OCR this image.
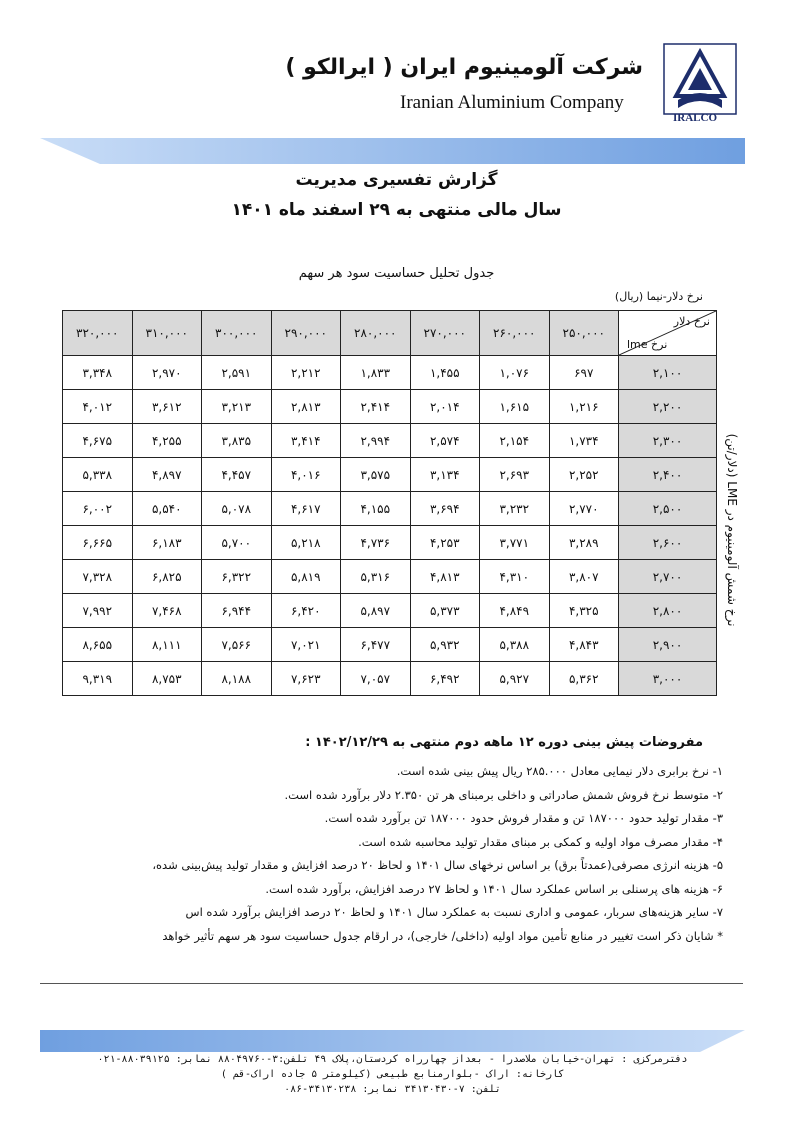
IRALCO
شرکت آلومینیوم ایران ( ایرالکو )
Iranian Aluminium Company
گزارش تفسیری مدیریت
سال مالی منتهی به ۲۹ اسفند ماه ۱۴۰۱
جدول تحلیل حساسیت سود هر سهم
نرخ دلار-نیما (ریال)
نرخ شمش آلومینیوم در LME (دلار/تن)
۳۲۰,۰۰۰	۳۱۰,۰۰۰	۳۰۰,۰۰۰	۲۹۰,۰۰۰	۲۸۰,۰۰۰	۲۷۰,۰۰۰	۲۶۰,۰۰۰	۲۵۰,۰۰۰	نرخ دلار
نرخ lme

۳,۳۴۸	۲,۹۷۰	۲,۵۹۱	۲,۲۱۲	۱,۸۳۳	۱,۴۵۵	۱,۰۷۶	۶۹۷	۲,۱۰۰
۴,۰۱۲	۳,۶۱۲	۳,۲۱۳	۲,۸۱۳	۲,۴۱۴	۲,۰۱۴	۱,۶۱۵	۱,۲۱۶	۲,۲۰۰
۴,۶۷۵	۴,۲۵۵	۳,۸۳۵	۳,۴۱۴	۲,۹۹۴	۲,۵۷۴	۲,۱۵۴	۱,۷۳۴	۲,۳۰۰
۵,۳۳۸	۴,۸۹۷	۴,۴۵۷	۴,۰۱۶	۳,۵۷۵	۳,۱۳۴	۲,۶۹۳	۲,۲۵۲	۲,۴۰۰
۶,۰۰۲	۵,۵۴۰	۵,۰۷۸	۴,۶۱۷	۴,۱۵۵	۳,۶۹۴	۳,۲۳۲	۲,۷۷۰	۲,۵۰۰
۶,۶۶۵	۶,۱۸۳	۵,۷۰۰	۵,۲۱۸	۴,۷۳۶	۴,۲۵۳	۳,۷۷۱	۳,۲۸۹	۲,۶۰۰
۷,۳۲۸	۶,۸۲۵	۶,۳۲۲	۵,۸۱۹	۵,۳۱۶	۴,۸۱۳	۴,۳۱۰	۳,۸۰۷	۲,۷۰۰
۷,۹۹۲	۷,۴۶۸	۶,۹۴۴	۶,۴۲۰	۵,۸۹۷	۵,۳۷۳	۴,۸۴۹	۴,۳۲۵	۲,۸۰۰
۸,۶۵۵	۸,۱۱۱	۷,۵۶۶	۷,۰۲۱	۶,۴۷۷	۵,۹۳۲	۵,۳۸۸	۴,۸۴۳	۲,۹۰۰
۹,۳۱۹	۸,۷۵۳	۸,۱۸۸	۷,۶۲۳	۷,۰۵۷	۶,۴۹۲	۵,۹۲۷	۵,۳۶۲	۳,۰۰۰
مفروضات پیش بینی دوره ۱۲ ماهه دوم منتهی به ۱۴۰۲/۱۲/۲۹ :
۱- نرخ برابری دلار نیمایی معادل ۲۸۵.۰۰۰ ریال پیش بینی شده است.
۲- متوسط نرخ فروش شمش صادراتی و داخلی برمبنای هر تن ۲.۳۵۰ دلار برآورد شده است.
۳- مقدار تولید حدود ۱۸۷۰۰۰ تن و مقدار فروش حدود ۱۸۷۰۰۰ تن برآورد شده است.
۴- مقدار مصرف مواد اولیه و کمکی بر مبنای مقدار تولید محاسبه شده است.
۵- هزینه انرژی مصرفی(عمدتاً برق) بر اساس نرخهای سال ۱۴۰۱ و لحاظ ۲۰ درصد افزایش و مقدار تولید پیش‌بینی شده،
۶- هزینه های پرسنلی بر اساس عملکرد سال ۱۴۰۱ و لحاظ ۲۷ درصد افزایش، برآورد شده است.
۷- سایر هزینه‌های سربار، عمومی و اداری نسبت به عملکرد سال ۱۴۰۱ و لحاظ ۲۰ درصد افزایش برآورد شده اس
* شایان ذکر است تغییر در منابع تأمین مواد اولیه (داخلی/ خارجی)، در ارقام جدول حساسیت سود هر سهم تأثیر خواهد
دفترمرکزی : تهران-خیابان ملاصدرا - بعداز چهارراه کردستان،پلاک ۴۹ تلفن:۳-۸۸۰۴۹۷۶۰ نمابر: ۸۸۰۳۹۱۲۵-۰۲۱
کارخانه: اراک -بلوارمنابع طبیعی (کیلومتر ۵ جاده اراک-قم )
تلفن: ۷-۳۴۱۳۰۴۳۰ نمابر: ۳۴۱۳۰۲۳۸-۰۸۶
